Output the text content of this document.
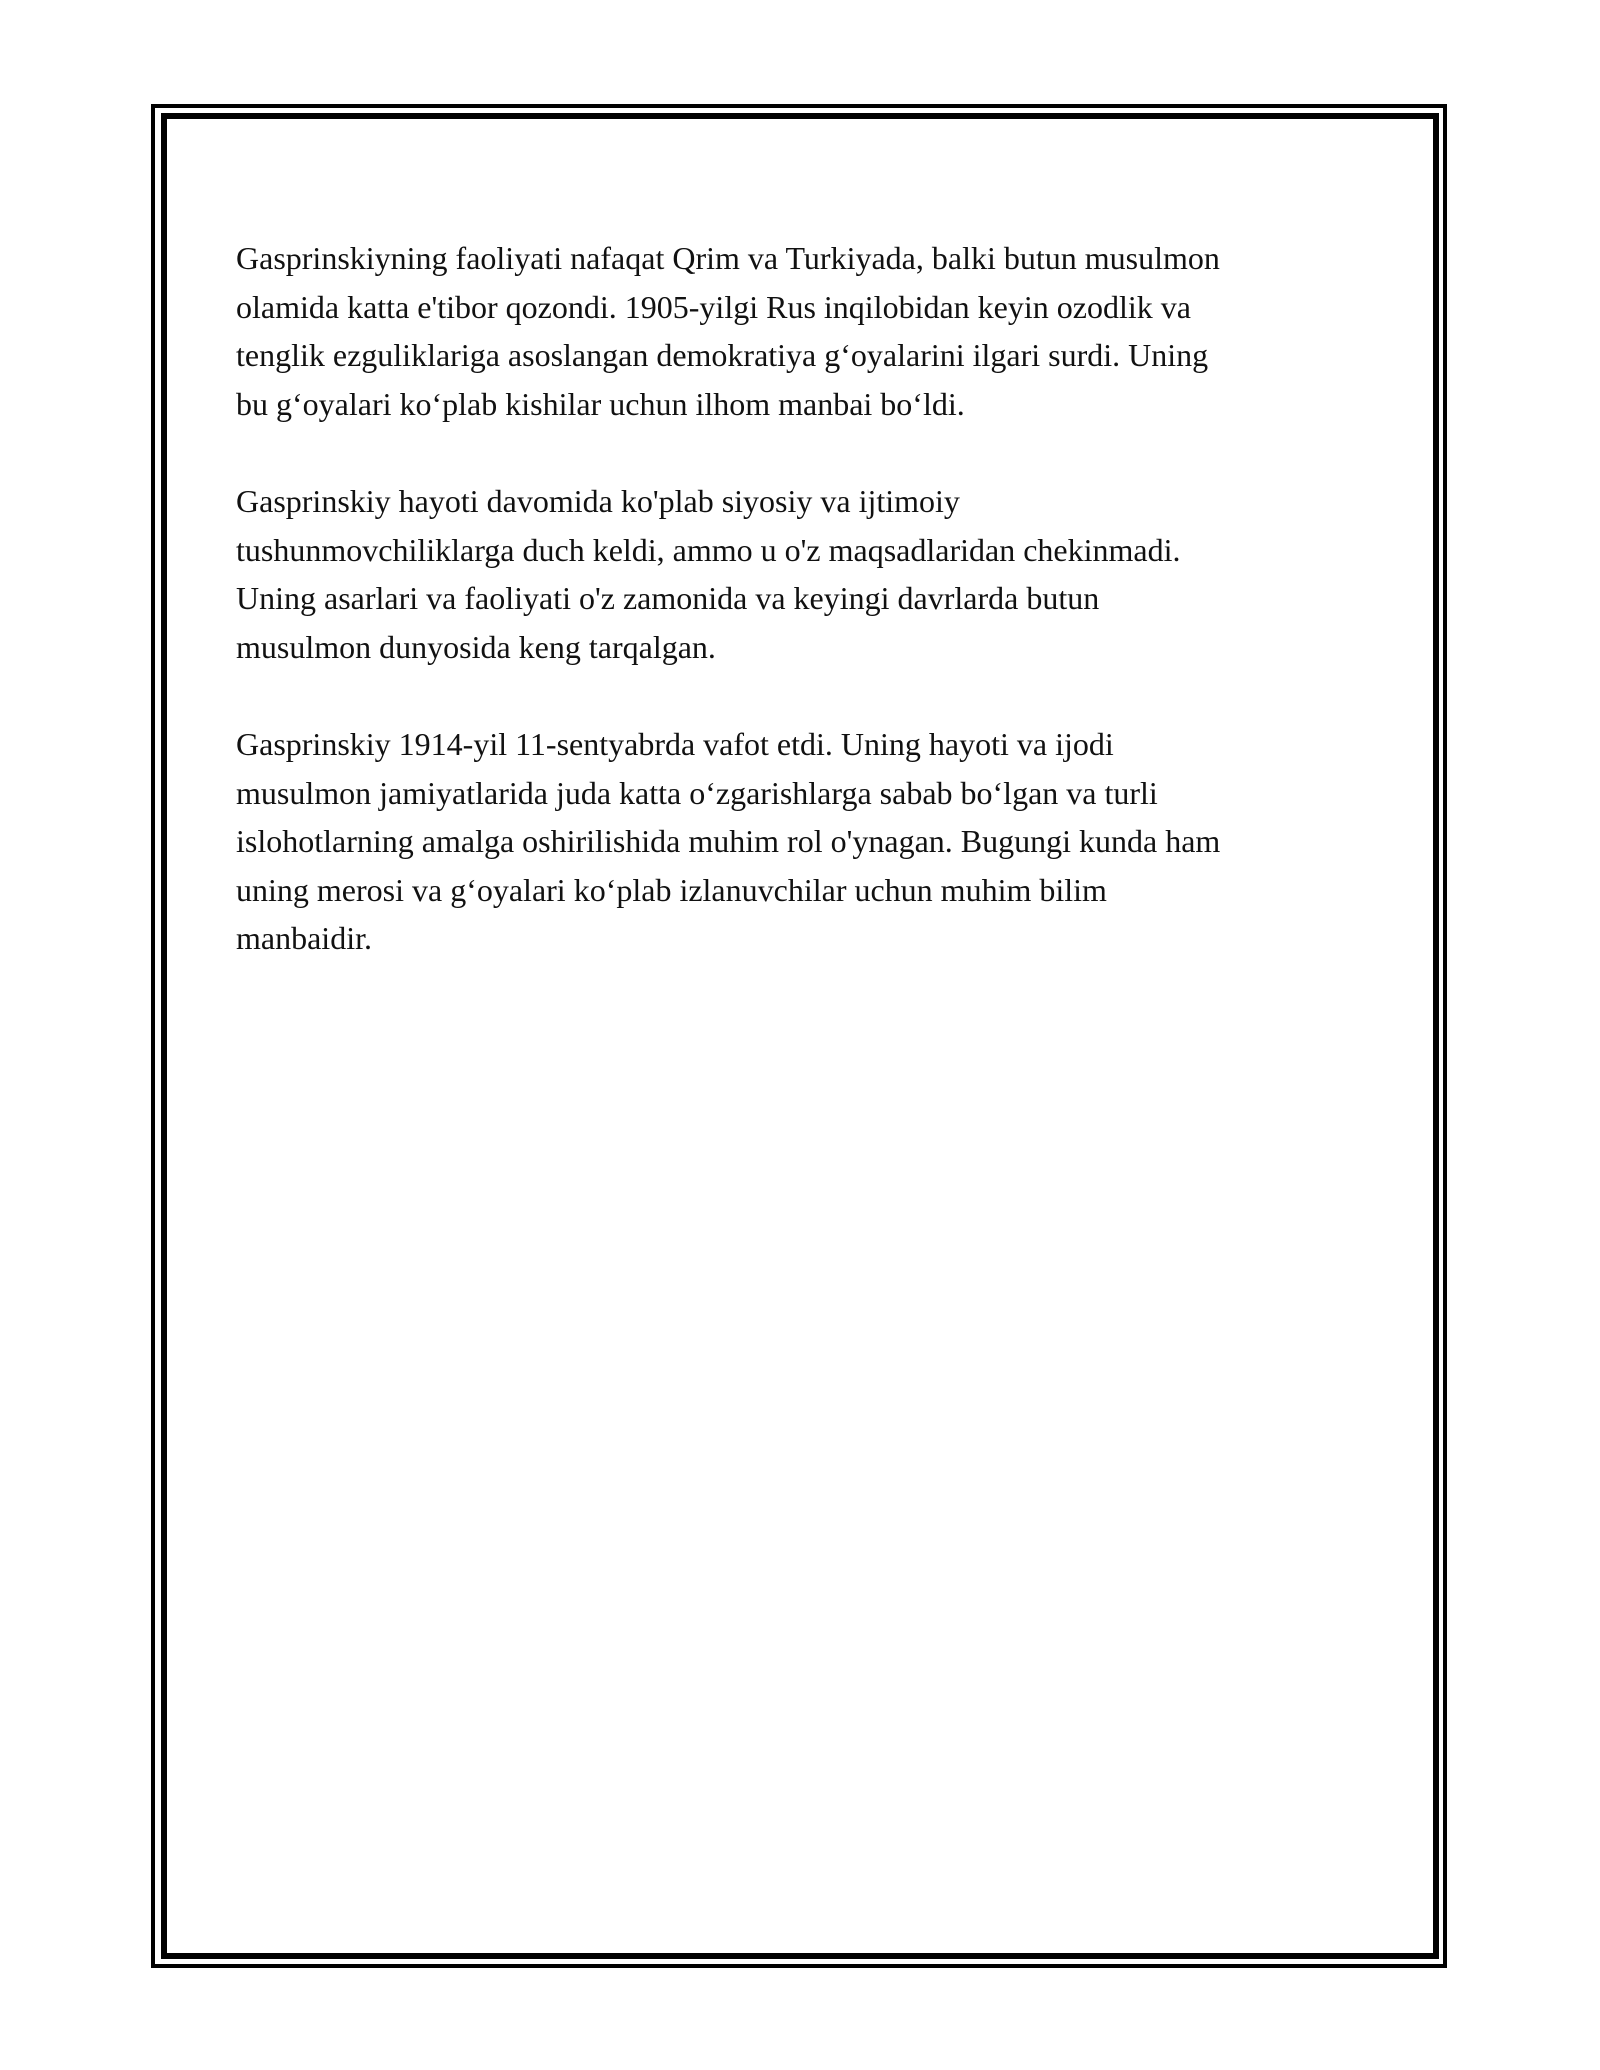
Gasprinskiyning faoliyati nafaqat Qrim va Turkiyada, balki butun musulmon
olamida katta e'tibor qozondi. 1905-yilgi Rus inqilobidan keyin ozodlik va
tenglik ezguliklariga asoslangan demokratiya g‘oyalarini ilgari surdi. Uning
bu g‘oyalari ko‘plab kishilar uchun ilhom manbai bo‘ldi.

Gasprinskiy hayoti davomida ko'plab siyosiy va ijtimoiy
tushunmovchiliklarga duch keldi, ammo u o'z maqsadlaridan chekinmadi.
Uning asarlari va faoliyati o'z zamonida va keyingi davrlarda butun
musulmon dunyosida keng tarqalgan.

Gasprinskiy 1914-yil 11-sentyabrda vafot etdi. Uning hayoti va ijodi
musulmon jamiyatlarida juda katta o‘zgarishlarga sabab bo‘lgan va turli
islohotlarning amalga oshirilishida muhim rol o'ynagan. Bugungi kunda ham
uning merosi va g‘oyalari ko‘plab izlanuvchilar uchun muhim bilim
manbaidir.
